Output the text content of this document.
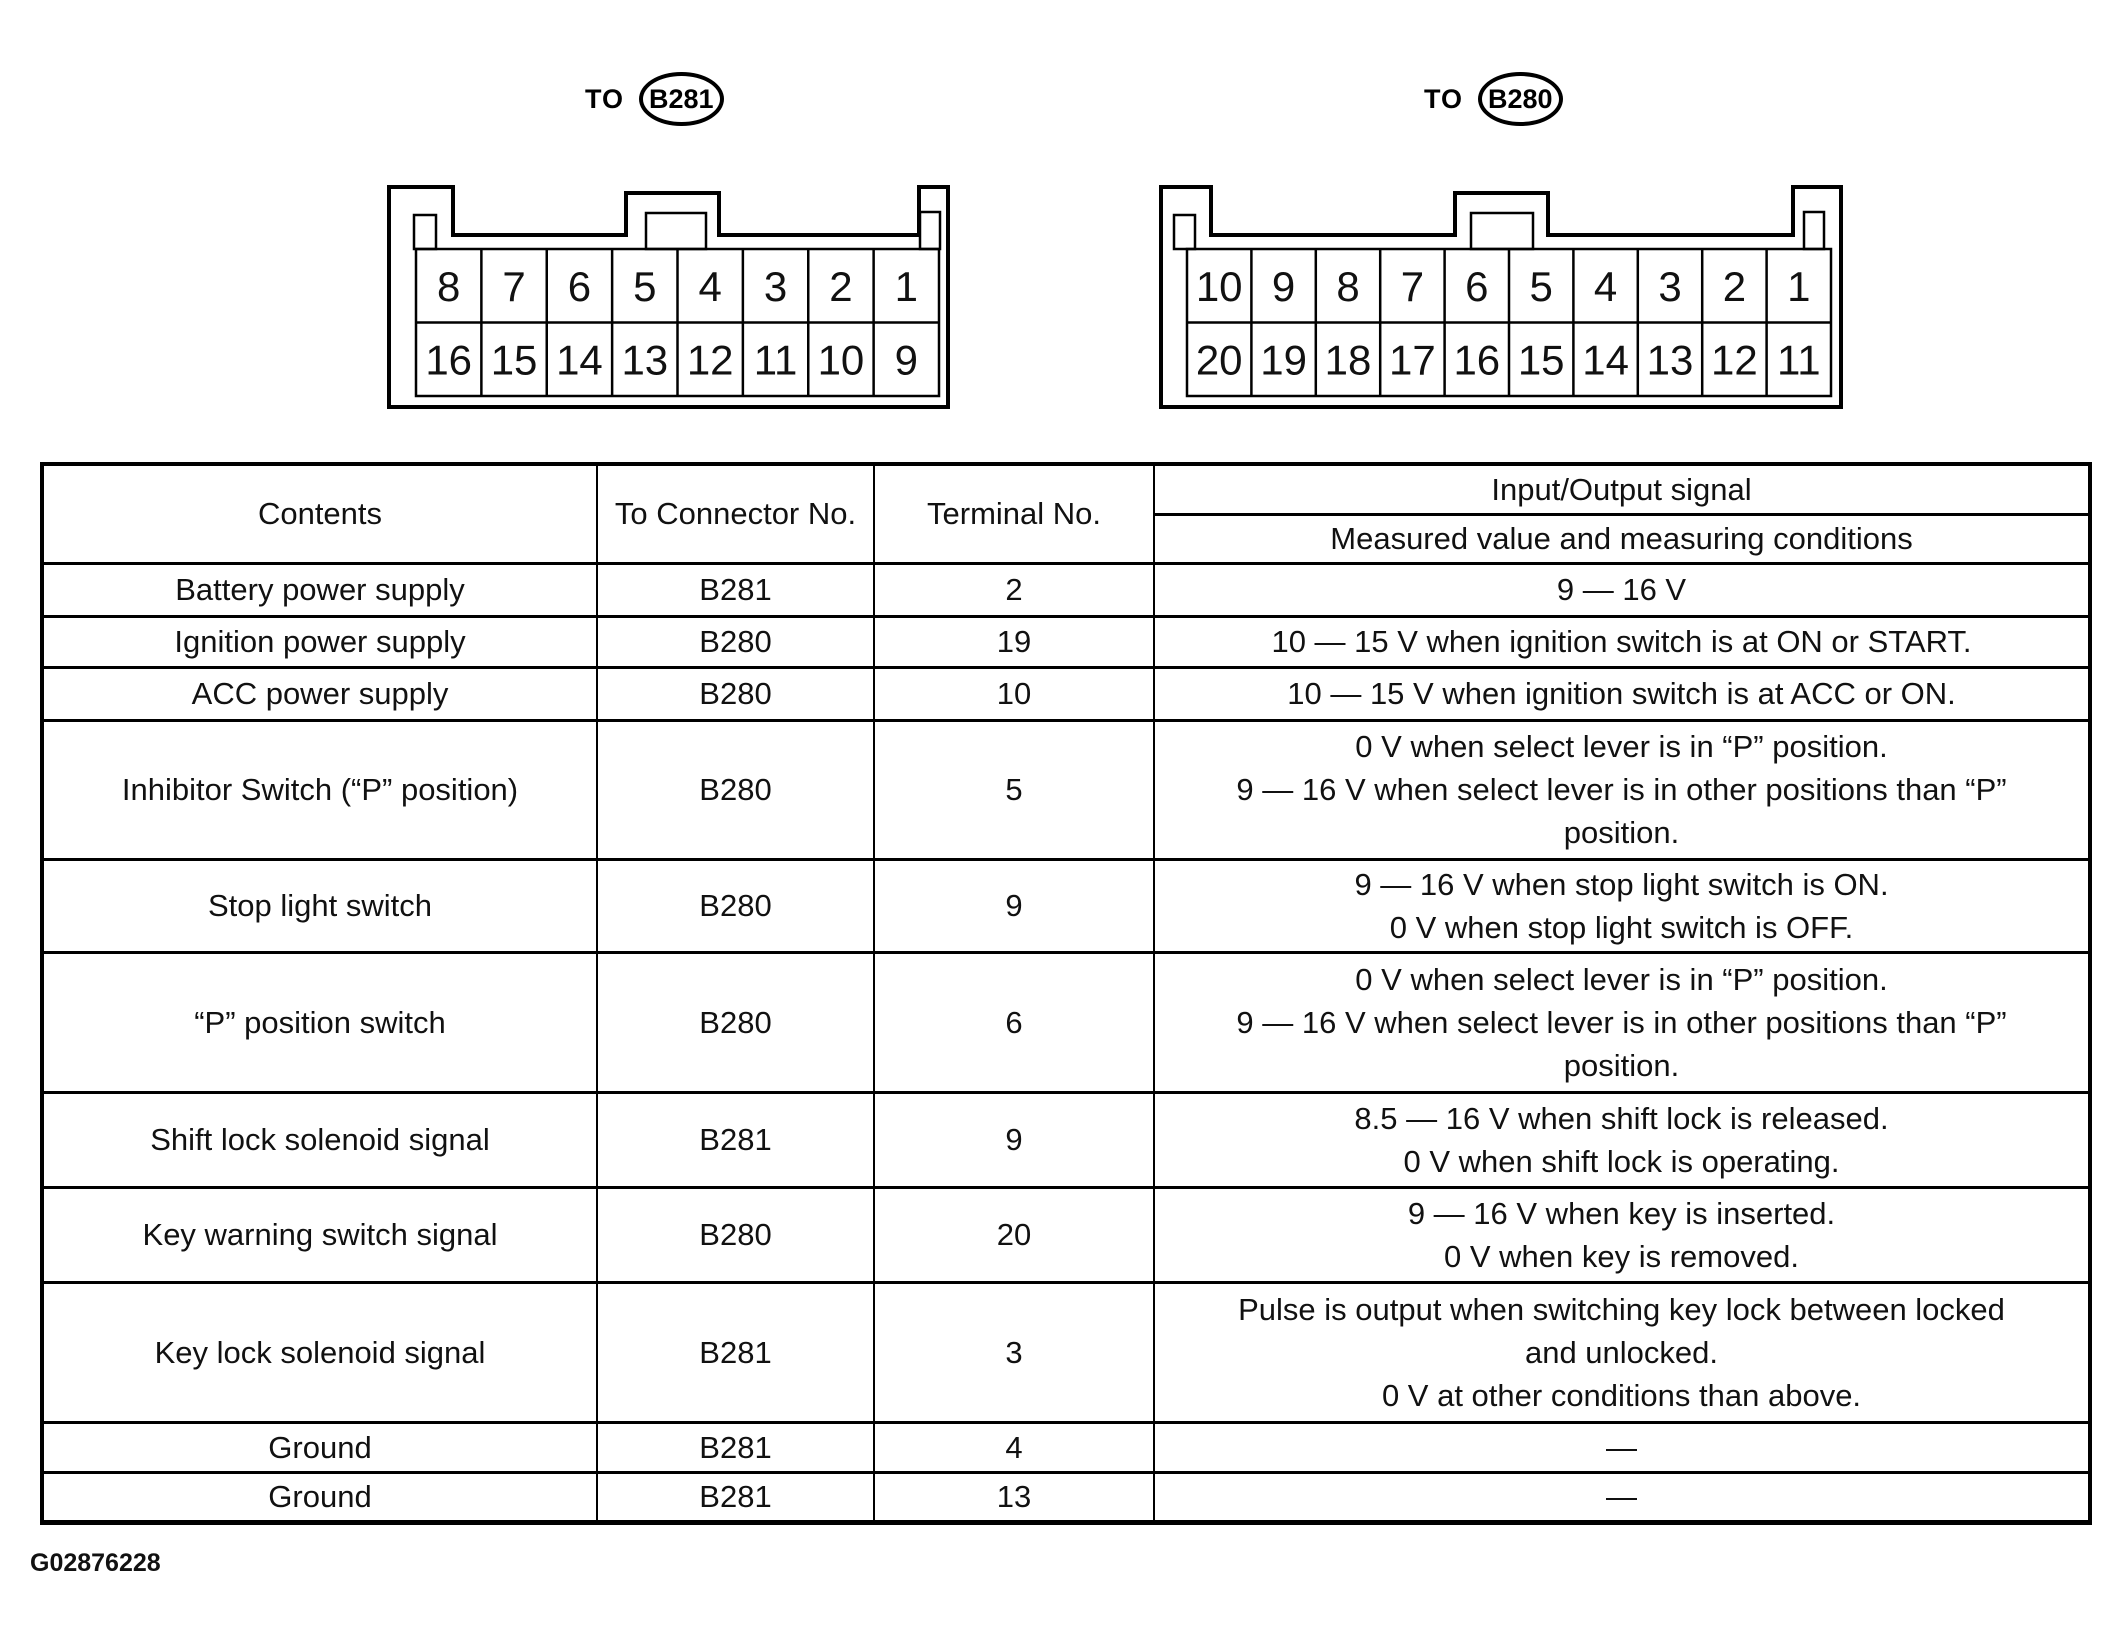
TO B281	TO B280
8 7 6 5 4 3 2 1
16 15 14 13 12 11 10 9
10 9 8 7 6 5 4 3 2 1
20 19 18 17 16 15 14 13 12 11
Contents	To Connector No.	Terminal No.	Input/Output signal
			Measured value and measuring conditions
Battery power supply	B281	2	9 — 16 V

Ignition power supply	B280	19	10 — 15 V when ignition switch is at ON or START.

ACC power supply	B280	10	10 — 15 V when ignition switch is at ACC or ON.

Inhibitor Switch (“P” position)	B280	5	0 V when select lever is in “P” position.
9 — 16 V when select lever is in other positions than “P”
position.

Stop light switch	B280	9	9 — 16 V when stop light switch is ON.
0 V when stop light switch is OFF.

“P” position switch	B280	6	0 V when select lever is in “P” position.
9 — 16 V when select lever is in other positions than “P”
position.

Shift lock solenoid signal	B281	9	8.5 — 16 V when shift lock is released.
0 V when shift lock is operating.

Key warning switch signal	B280	20	9 — 16 V when key is inserted.
0 V when key is removed.

Key lock solenoid signal	B281	3	Pulse is output when switching key lock between locked
and unlocked.
0 V at other conditions than above.

Ground	B281	4	—

Ground	B281	13	—
G02876228
